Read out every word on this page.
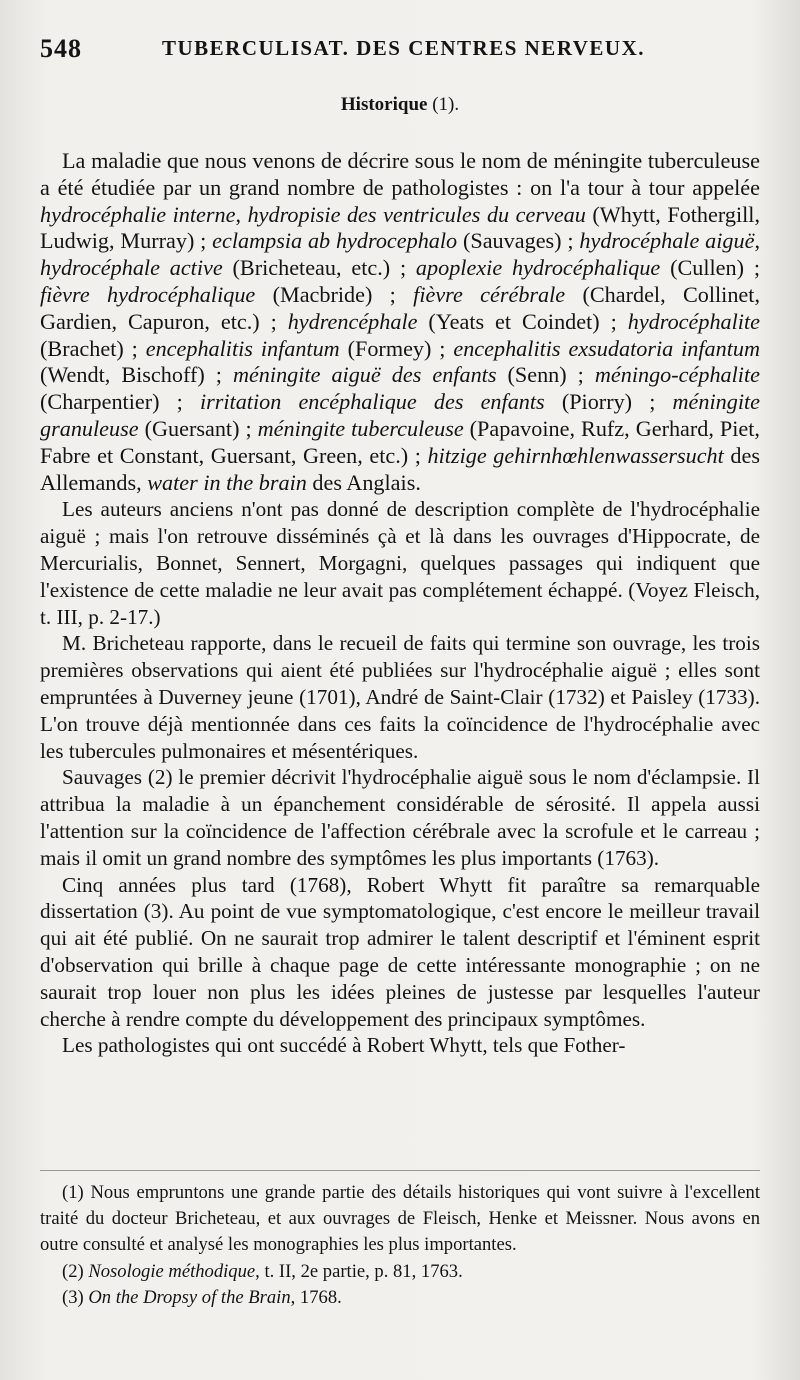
548	TUBERCULISAT. DES CENTRES NERVEUX.
Historique (1).

La maladie que nous venons de décrire sous le nom de méningite tuberculeuse a été étudiée par un grand nombre de pathologistes : on l'a tour à tour appelée hydrocéphalie interne, hydropisie des ventricules du cerveau (Whytt, Fothergill, Ludwig, Murray) ; eclampsia ab hydrocephalo (Sauvages) ; hydrocéphale aiguë, hydrocéphale active (Bricheteau, etc.) ; apoplexie hydrocéphalique (Cullen) ; fièvre hydrocéphalique (Macbride) ; fièvre cérébrale (Chardel, Collinet, Gardien, Capuron, etc.) ; hydrencéphale (Yeats et Coindet) ; hydrocéphalite (Brachet) ; encephalitis infantum (Formey) ; encephalitis exsudatoria infantum (Wendt, Bischoff) ; méningite aiguë des enfants (Senn) ; méningo-céphalite (Charpentier) ; irritation encéphalique des enfants (Piorry) ; méningite granuleuse (Guersant) ; méningite tuberculeuse (Papavoine, Rufz, Gerhard, Piet, Fabre et Constant, Guersant, Green, etc.) ; hitzige gehirnhœhlenwassersucht des Allemands, water in the brain des Anglais.

Les auteurs anciens n'ont pas donné de description complète de l'hydrocéphalie aiguë ; mais l'on retrouve disséminés çà et là dans les ouvrages d'Hippocrate, de Mercurialis, Bonnet, Sennert, Morgagni, quelques passages qui indiquent que l'existence de cette maladie ne leur avait pas complétement échappé. (Voyez Fleisch, t. III, p. 2-17.)

M. Bricheteau rapporte, dans le recueil de faits qui termine son ouvrage, les trois premières observations qui aient été publiées sur l'hydrocéphalie aiguë ; elles sont empruntées à Duverney jeune (1701), André de Saint-Clair (1732) et Paisley (1733). L'on trouve déjà mentionnée dans ces faits la coïncidence de l'hydrocéphalie avec les tubercules pulmonaires et mésentériques.

Sauvages (2) le premier décrivit l'hydrocéphalie aiguë sous le nom d'éclampsie. Il attribua la maladie à un épanchement considérable de sérosité. Il appela aussi l'attention sur la coïncidence de l'affection cérébrale avec la scrofule et le carreau ; mais il omit un grand nombre des symptômes les plus importants (1763).

Cinq années plus tard (1768), Robert Whytt fit paraître sa remarquable dissertation (3). Au point de vue symptomatologique, c'est encore le meilleur travail qui ait été publié. On ne saurait trop admirer le talent descriptif et l'éminent esprit d'observation qui brille à chaque page de cette intéressante monographie ; on ne saurait trop louer non plus les idées pleines de justesse par lesquelles l'auteur cherche à rendre compte du développement des principaux symptômes.

Les pathologistes qui ont succédé à Robert Whytt, tels que Fother-

(1) Nous empruntons une grande partie des détails historiques qui vont suivre à l'excellent traité du docteur Bricheteau, et aux ouvrages de Fleisch, Henke et Meissner. Nous avons en outre consulté et analysé les monographies les plus importantes.

(2) Nosologie méthodique, t. II, 2e partie, p. 81, 1763.

(3) On the Dropsy of the Brain, 1768.
